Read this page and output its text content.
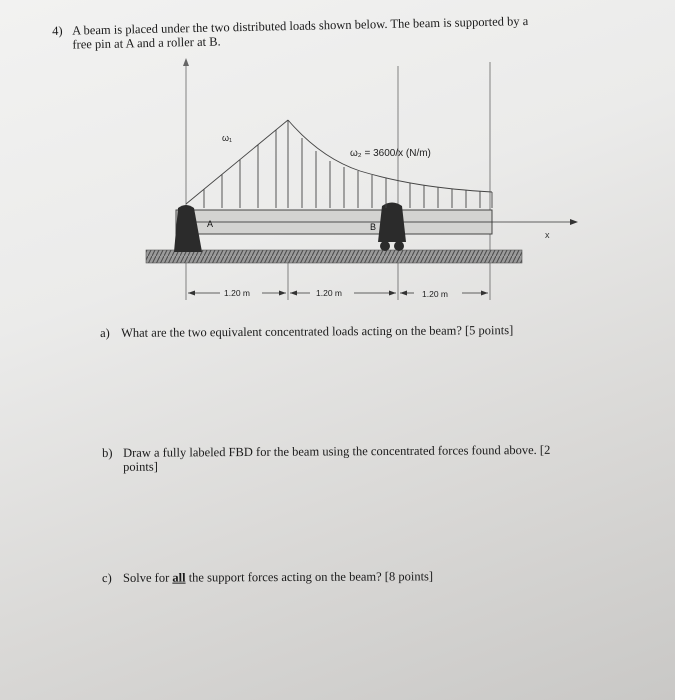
4) A beam is placed under the two distributed loads shown below. The beam is supported by a
free pin at A and a roller at B.
x
A	B
ω₁
ω₂ = 3600/x (N/m)
1.20 m	1.20 m	1.20 m
a) What are the two equivalent concentrated loads acting on the beam? [5 points]
b) Draw a fully labeled FBD for the beam using the concentrated forces found above. [2
points]
c) Solve for all the support forces acting on the beam? [8 points]
